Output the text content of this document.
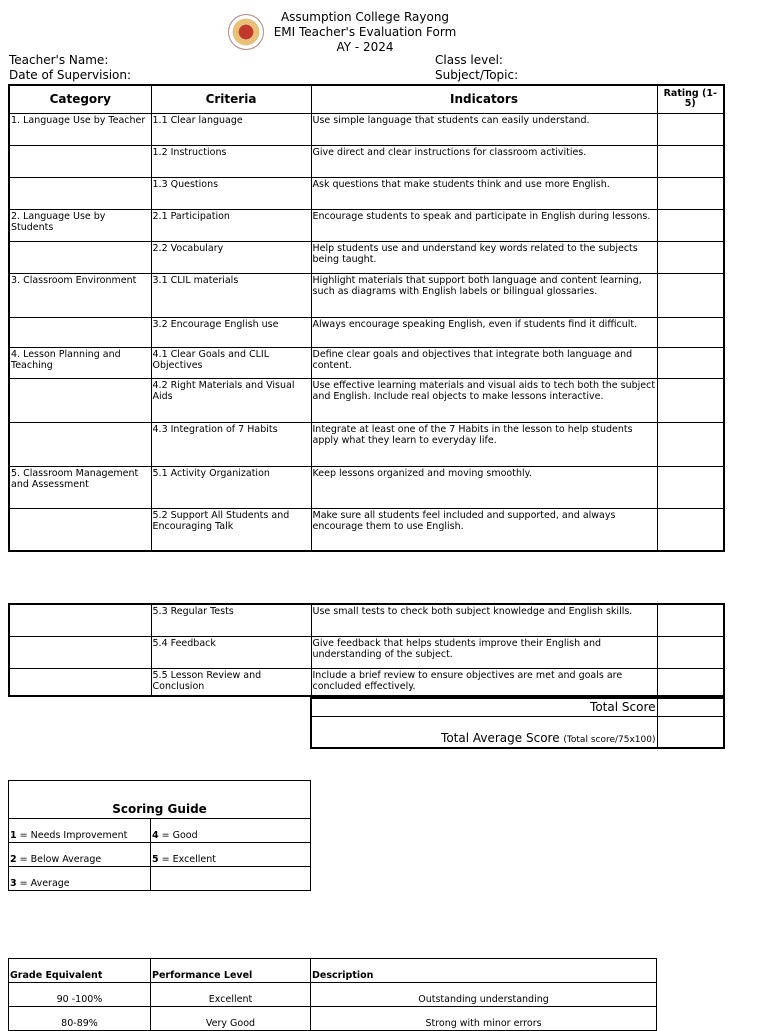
Assumption College Rayong
EMI Teacher's Evaluation Form
AY - 2024
Teacher's Name:
Date of Supervision:
Class level:
Subject/Topic:
Category	Criteria	Indicators	Rating (1-5)
1. Language Use by Teacher	1.1 Clear language	Use simple language that students can easily understand.	
	1.2 Instructions	Give direct and clear instructions for classroom activities.	
	1.3 Questions	Ask questions that make students think and use more English.	
2. Language Use by Students	2.1 Participation	Encourage students to speak and participate in English during lessons.	
	2.2 Vocabulary	Help students use and understand key words related to the subjects being taught.	
3. Classroom Environment	3.1 CLIL materials	Highlight materials that support both language and content learning, such as diagrams with English labels or bilingual glossaries.	
	3.2 Encourage English use	Always encourage speaking English, even if students find it difficult.	
4. Lesson Planning and Teaching	4.1 Clear Goals and CLIL Objectives	Define clear goals and objectives that integrate both language and content.	
	4.2 Right Materials and Visual Aids	Use effective learning materials and visual aids to tech both the subject and English. Include real objects to make lessons interactive.	
	4.3 Integration of 7 Habits	Integrate at least one of the 7 Habits in the lesson to help students apply what they learn to everyday life.	
5. Classroom Management and Assessment	5.1 Activity Organization	Keep lessons organized and moving smoothly.	
	5.2 Support All Students and Encouraging Talk	Make sure all students feel included and supported, and always encourage them to use English.	
	5.3 Regular Tests	Use small tests to check both subject knowledge and English skills.	
	5.4 Feedback	Give feedback that helps students improve their English and understanding of the subject.	
	5.5 Lesson Review and Conclusion	Include a brief review to ensure objectives are met and goals are concluded effectively.	
Total Score	
Total Average Score (Total score/75x100)	
Scoring Guide	
1 = Needs Improvement	4 = Good
2 = Below Average	5 = Excellent
3 = Average	
Grade Equivalent	Performance Level	Description
90 -100%	Excellent	Outstanding understanding
80-89%	Very Good	Strong with minor errors
